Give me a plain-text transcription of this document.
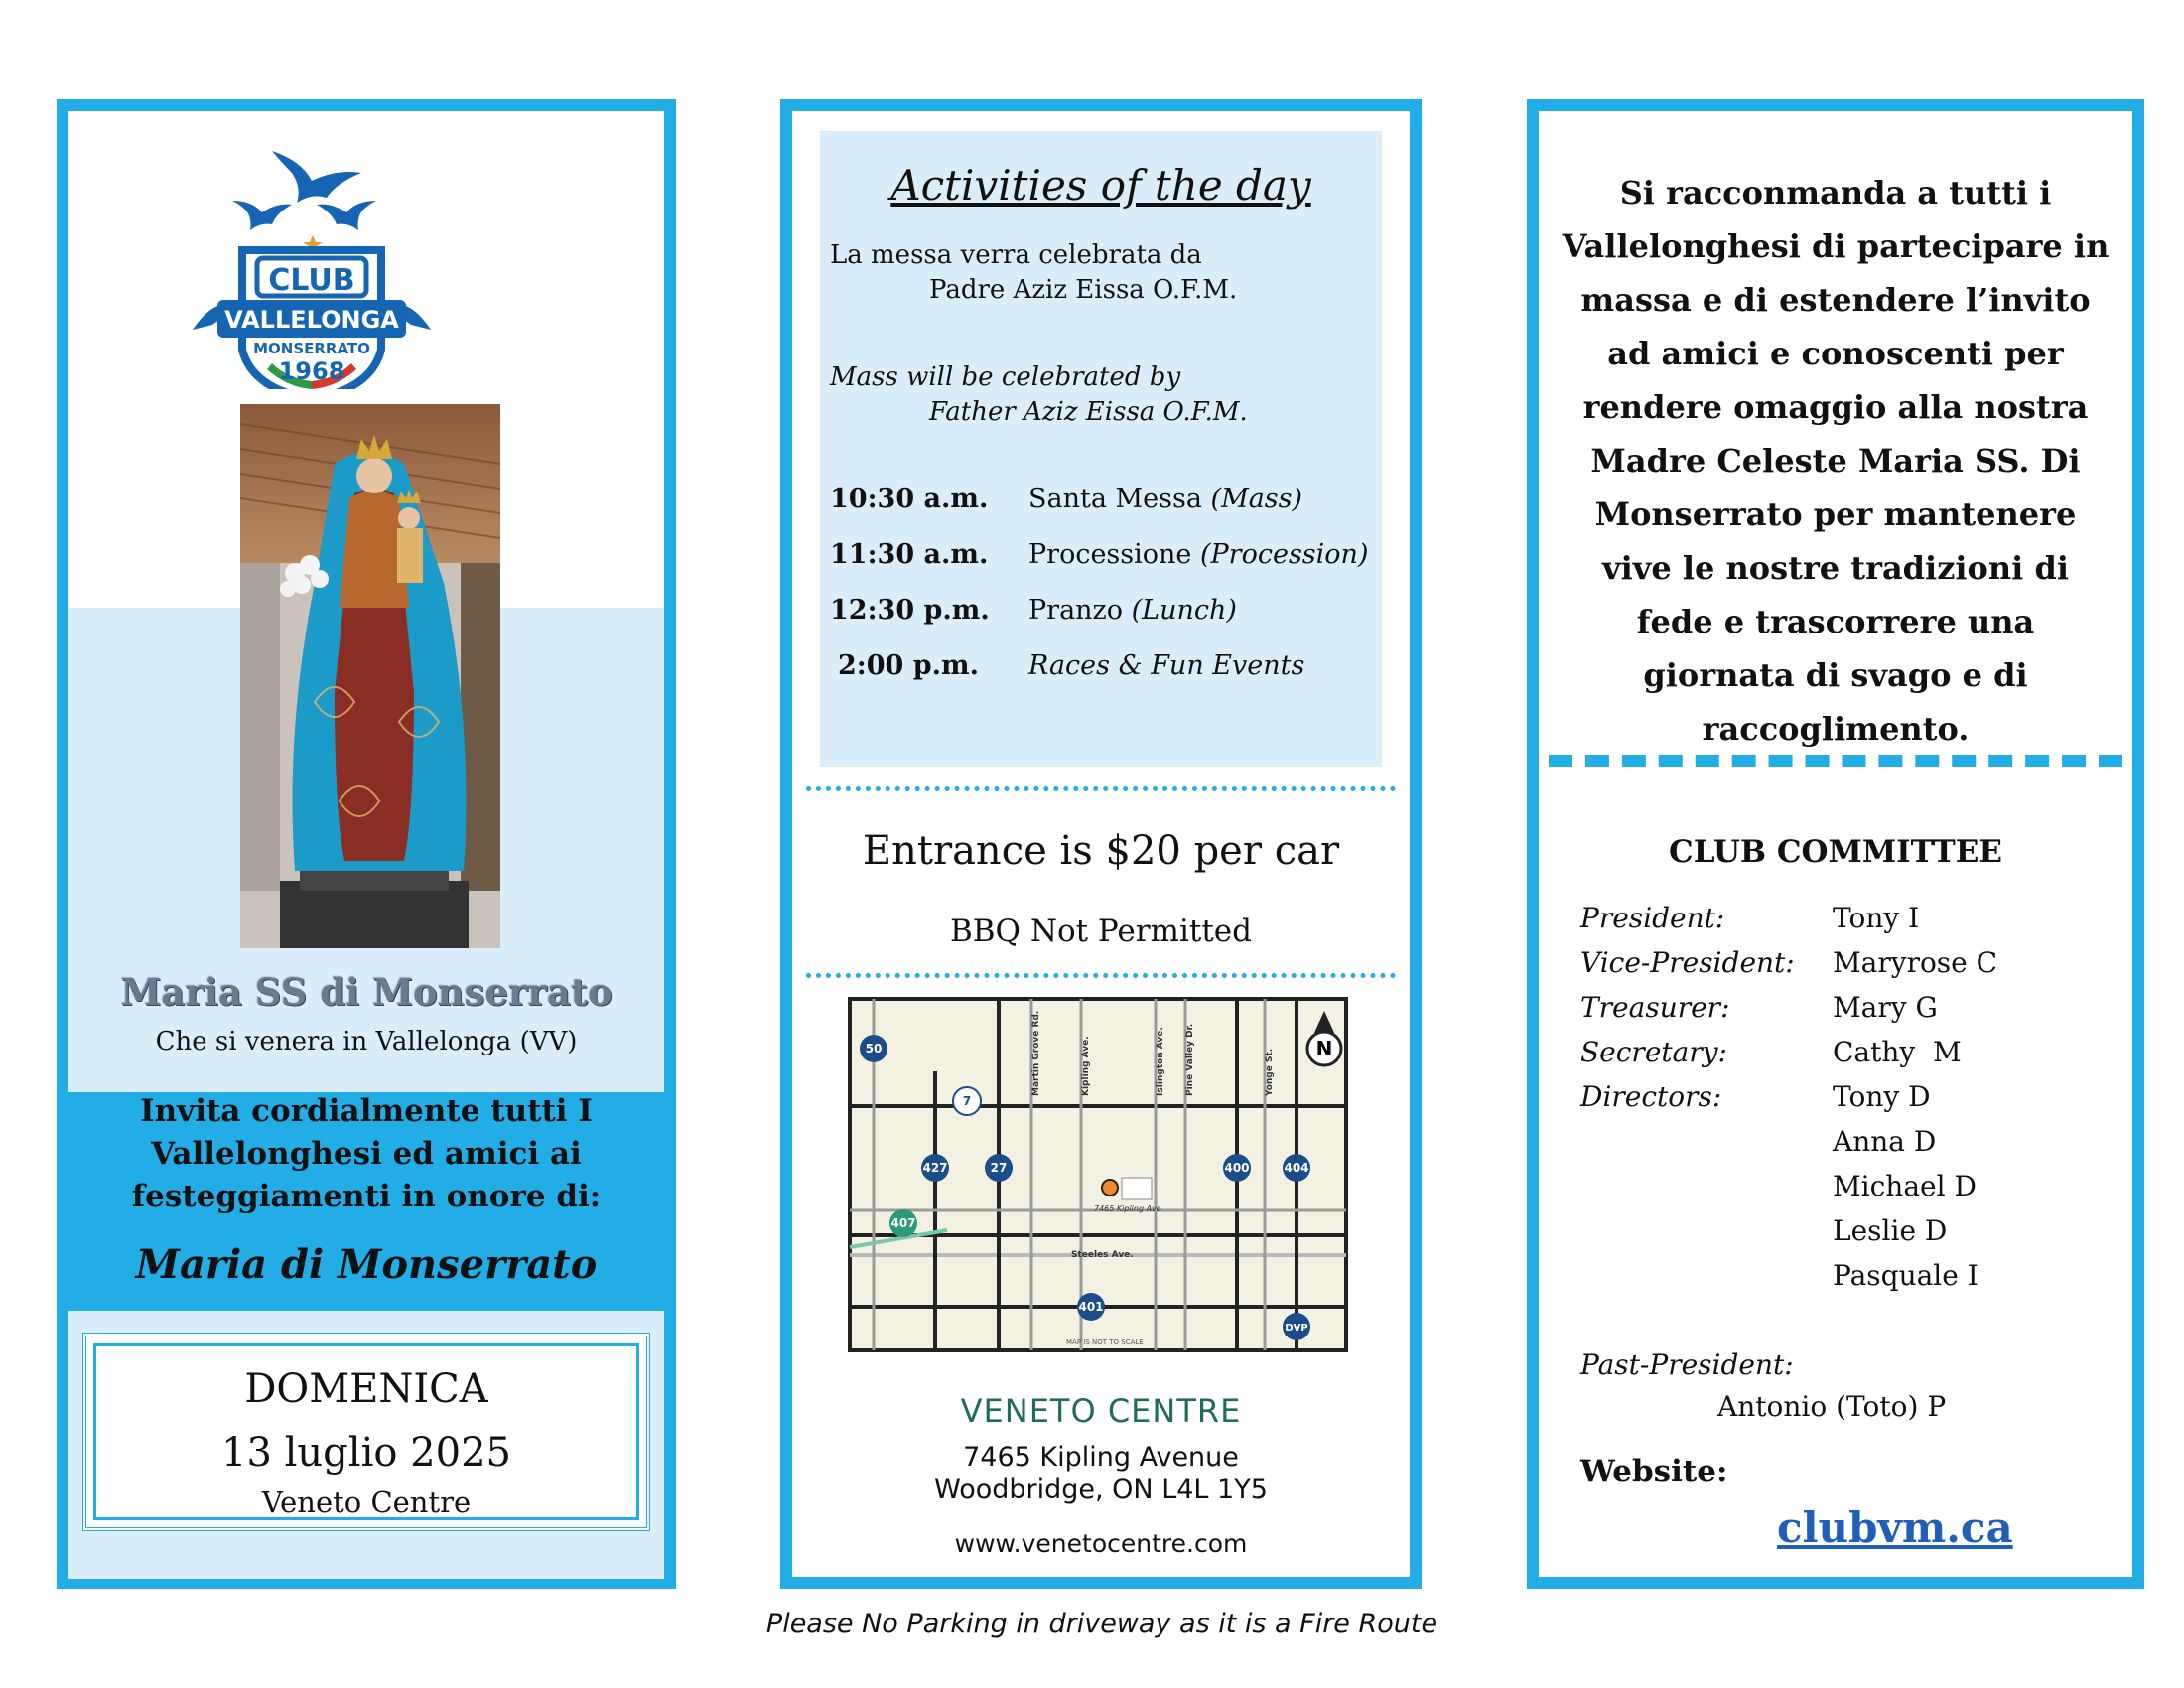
CLUB
VALLELONGA
MONSERRATO
1968
Maria SS di Monserrato
Che si venera in Vallelonga (VV)
Invita cordialmente tutti I Vallelonghesi ed amici ai festeggiamenti in onore di:
Maria di Monserrato
DOMENICA
13 luglio 2025
Veneto Centre
Activities of the day
La messa verra celebrata da
Padre Aziz Eissa O.F.M.
Mass will be celebrated by
Father Aziz Eissa O.F.M.
10:30 a.m. Santa Messa (Mass)
11:30 a.m. Processione (Procession)
12:30 p.m. Pranzo (Lunch)
2:00 p.m. Races & Fun Events
Entrance is $20 per car
BBQ Not Permitted
Martin Grove Rd.	Kipling Ave.	Islington Ave. Pine Valley Dr.	Yonge St.
Steeles Ave.
50
427	27
7
400	404
407
401
DVP
7465 Kipling Ave
N
MAP IS NOT TO SCALE
VENETO CENTRE
7465 Kipling Avenue
Woodbridge, ON L4L 1Y5
www.venetocentre.com
Si racconmanda a tutti i Vallelonghesi di partecipare in massa e di estendere l’invito ad amici e conoscenti per rendere omaggio alla nostra Madre Celeste Maria SS. Di Monserrato per mantenere vive le nostre tradizioni di fede e trascorrere una giornata di svago e di raccoglimento.
CLUB COMMITTEE
President:	Tony I
Vice-President: Maryrose C
Treasurer:	Mary G
Secretary:	Cathy  M
Directors:	Tony D
Anna D
Michael D
Leslie D
Pasquale I
Past-President:
Antonio (Toto) P
Website:
clubvm.ca
Please No Parking in driveway as it is a Fire Route
